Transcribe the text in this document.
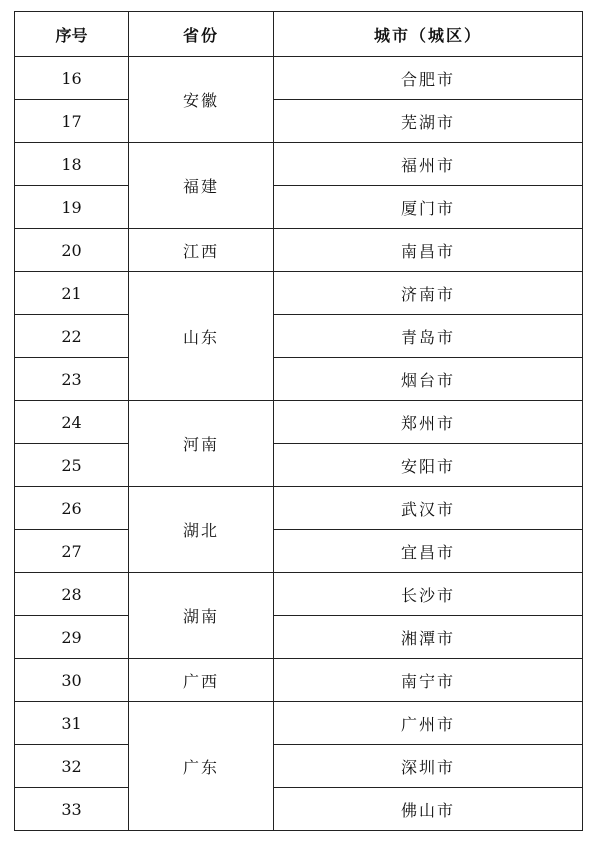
序号	省份	城市（城区）
16	安徽	合肥市
17		芜湖市
18	福建	福州市
19		厦门市
20	江西	南昌市
21	山东	济南市
22		青岛市
23		烟台市
24	河南	郑州市
25		安阳市
26	湖北	武汉市
27		宜昌市
28	湖南	长沙市
29		湘潭市
30	广西	南宁市
31	广东	广州市
32		深圳市
33		佛山市
